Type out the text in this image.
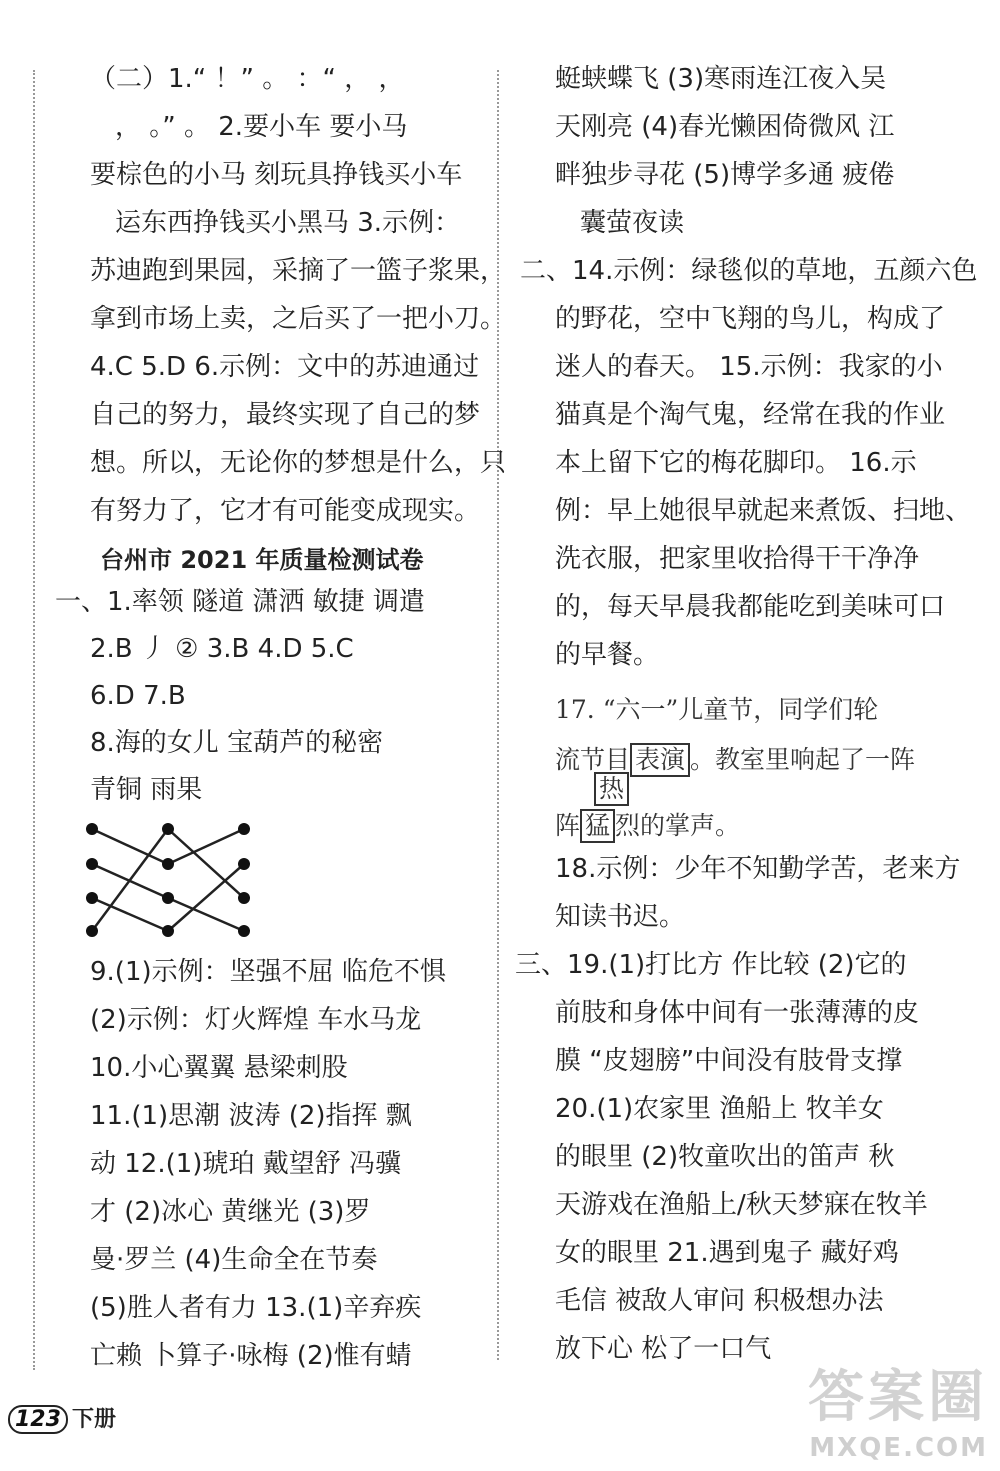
（二）1.“ ！” 。 ：“ ， ，
， 。” 。 2.要小车 要小马
要棕色的小马 刻玩具挣钱买小车
运东西挣钱买小黑马 3.示例：
苏迪跑到果园，采摘了一篮子浆果，
拿到市场上卖，之后买了一把小刀。
4.C 5.D 6.示例：文中的苏迪通过
自己的努力，最终实现了自己的梦
想。所以，无论你的梦想是什么，只
有努力了，它才有可能变成现实。
台州市 2021 年质量检测试卷
一、1.率领 隧道 潇洒 敏捷 调遣
2.B 丿 ② 3.B 4.D 5.C
6.D 7.B
8.海的女儿 宝葫芦的秘密
青铜 雨果
9.(1)示例：坚强不屈 临危不惧
(2)示例：灯火辉煌 车水马龙
10.小心翼翼 悬梁刺股
11.(1)思潮 波涛 (2)指挥 飘
动 12.(1)琥珀 戴望舒 冯骥
才 (2)冰心 黄继光 (3)罗
曼·罗兰 (4)生命全在节奏
(5)胜人者有力 13.(1)辛弃疾
亡赖 卜算子·咏梅 (2)惟有蜻
蜓蛱蝶飞 (3)寒雨连江夜入吴
天刚亮 (4)春光懒困倚微风 江
畔独步寻花 (5)博学多通 疲倦
囊萤夜读
二、14.示例：绿毯似的草地，五颜六色
的野花，空中飞翔的鸟儿，构成了
迷人的春天。 15.示例：我家的小
猫真是个淘气鬼，经常在我的作业
本上留下它的梅花脚印。 16.示
例：早上她很早就起来煮饭、扫地、
洗衣服，把家里收拾得干干净净
的，每天早晨我都能吃到美味可口
的早餐。
17. “六一”儿童节，同学们轮
流节目 表演 。教室里响起了一阵
热
阵 猛 烈的掌声。
18.示例：少年不知勤学苦，老来方
知读书迟。
三、19.(1)打比方 作比较 (2)它的
前肢和身体中间有一张薄薄的皮
膜 “皮翅膀”中间没有肢骨支撑
20.(1)农家里 渔船上 牧羊女
的眼里 (2)牧童吹出的笛声 秋
天游戏在渔船上/秋天梦寐在牧羊
女的眼里 21.遇到鬼子 藏好鸡
毛信 被敌人审问 积极想办法
放下心 松了一口气
123 下册	答案圈
MXQE.COM
